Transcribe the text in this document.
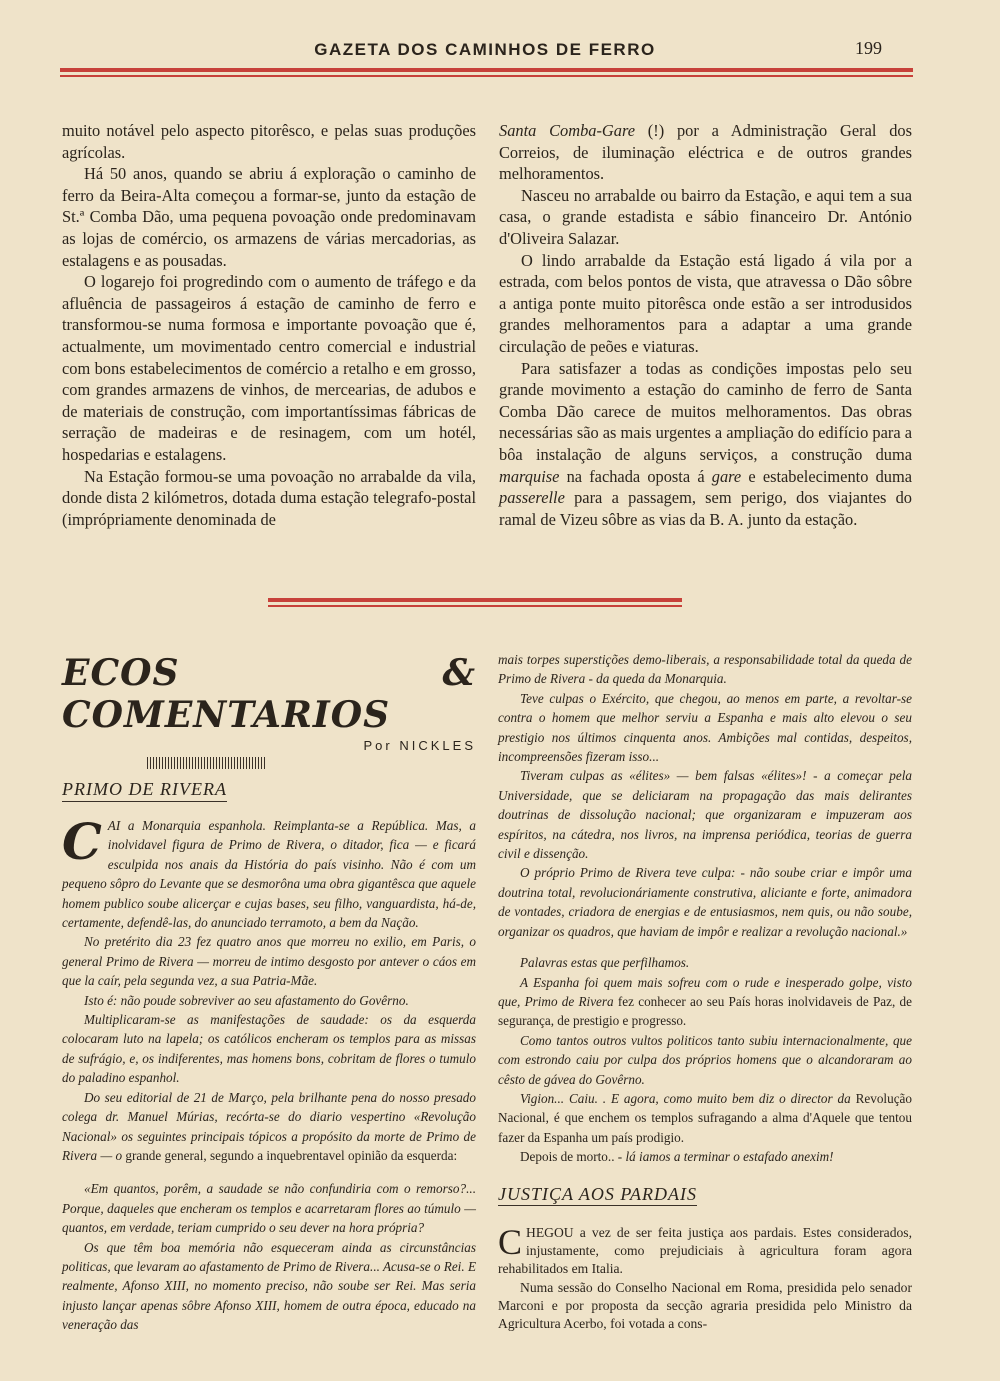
GAZETA DOS CAMINHOS DE FERRO	199

muito notável pelo aspecto pitorêsco, e pelas suas produções agrícolas.

Há 50 anos, quando se abriu á exploração o caminho de ferro da Beira-Alta começou a formar-se, junto da estação de St.ª Comba Dão, uma pequena povoação onde predominavam as lojas de comércio, os armazens de várias mercadorias, as estalagens e as pousadas.

O logarejo foi progredindo com o aumento de tráfego e da afluência de passageiros á estação de caminho de ferro e transformou-se numa formosa e importante povoação que é, actualmente, um movimentado centro comercial e industrial com bons estabelecimentos de comércio a retalho e em grosso, com grandes armazens de vinhos, de mercearias, de adubos e de materiais de construção, com importantíssimas fábricas de serração de madeiras e de resinagem, com um hotél, hospedarias e estalagens.

Na Estação formou-se uma povoação no arrabalde da vila, donde dista 2 kilómetros, dotada duma estação telegrafo-postal (imprópriamente denominada de

Santa Comba-Gare (!) por a Administração Geral dos Correios, de iluminação eléctrica e de outros grandes melhoramentos.

Nasceu no arrabalde ou bairro da Estação, e aqui tem a sua casa, o grande estadista e sábio financeiro Dr. António d'Oliveira Salazar.

O lindo arrabalde da Estação está ligado á vila por a estrada, com belos pontos de vista, que atravessa o Dão sôbre a antiga ponte muito pitorêsca onde estão a ser introdusidos grandes melhoramentos para a adaptar a uma grande circulação de peões e viaturas.

Para satisfazer a todas as condições impostas pelo seu grande movimento a estação do caminho de ferro de Santa Comba Dão carece de muitos melhoramentos. Das obras necessárias são as mais urgentes a ampliação do edifício para a bôa instalação de alguns serviços, a construção duma marquise na fachada oposta á gare e estabelecimento duma passerelle para a passagem, sem perigo, dos viajantes do ramal de Vizeu sôbre as vias da B. A. junto da estação.

ECOS & COMENTARIOS
Por NICKLES
PRIMO DE RIVERA

CAI a Monarquia espanhola. Reimplanta-se a República. Mas, a inolvidavel figura de Primo de Rivera, o ditador, fica — e ficará esculpida nos anais da História do país visinho. Não é com um pequeno sôpro do Levante que se desmorôna uma obra gigantêsca que aquele homem publico soube alicerçar e cujas bases, seu filho, vanguardista, há-de, certamente, defendê-las, do anunciado terramoto, a bem da Nação.

No pretérito dia 23 fez quatro anos que morreu no exilio, em Paris, o general Primo de Rivera — morreu de intimo desgosto por antever o cáos em que la caír, pela segunda vez, a sua Patria-Mãe.

Isto é: não poude sobreviver ao seu afastamento do Govêrno.

Multiplicaram-se as manifestações de saudade: os da esquerda colocaram luto na lapela; os católicos encheram os templos para as missas de sufrágio, e, os indiferentes, mas homens bons, cobritam de flores o tumulo do paladino espanhol.

Do seu editorial de 21 de Março, pela brilhante pena do nosso presado colega dr. Manuel Múrias, recórta-se do diario vespertino «Revolução Nacional» os seguintes principais tópicos a propósito da morte de Primo de Rivera — o grande general, segundo a inquebrentavel opinião da esquerda:

«Em quantos, porêm, a saudade se não confundiria com o remorso?... Porque, daqueles que encheram os templos e acarretaram flores ao túmulo — quantos, em verdade, teriam cumprido o seu dever na hora própria?

Os que têm boa memória não esqueceram ainda as circunstâncias politicas, que levaram ao afastamento de Primo de Rivera... Acusa-se o Rei. E realmente, Afonso XIII, no momento preciso, não soube ser Rei. Mas seria injusto lançar apenas sôbre Afonso XIII, homem de outra época, educado na veneração das

mais torpes superstições demo-liberais, a responsabilidade total da queda de Primo de Rivera - da queda da Monarquia.

Teve culpas o Exército, que chegou, ao menos em parte, a revoltar-se contra o homem que melhor serviu a Espanha e mais alto elevou o seu prestigio nos últimos cinquenta anos. Ambições mal contidas, despeitos, incompreensões fizeram isso...

Tiveram culpas as «élites» — bem falsas «élites»! - a começar pela Universidade, que se deliciaram na propagação das mais delirantes doutrinas de dissolução nacional; que organizaram e impuzeram aos espíritos, na cátedra, nos livros, na imprensa periódica, teorias de guerra civil e dissenção.

O próprio Primo de Rivera teve culpa: - não soube criar e impôr uma doutrina total, revolucionáriamente construtiva, aliciante e forte, animadora de vontades, criadora de energias e de entusiasmos, nem quis, ou não soube, organizar os quadros, que haviam de impôr e realizar a revolução nacional.»

Palavras estas que perfilhamos.

A Espanha foi quem mais sofreu com o rude e inesperado golpe, visto que, Primo de Rivera fez conhecer ao seu País horas inolvidaveis de Paz, de segurança, de prestigio e progresso.

Como tantos outros vultos politicos tanto subiu internacionalmente, que com estrondo caiu por culpa dos próprios homens que o alcandoraram ao cêsto de gávea do Govêrno.

Vigion... Caiu. . E agora, como muito bem diz o director da Revolução Nacional, é que enchem os templos sufragando a alma d'Aquele que tentou fazer da Espanha um país prodigio.

Depois de morto.. - lá iamos a terminar o estafado anexim!

JUSTIÇA AOS PARDAIS

CHEGOU a vez de ser feita justiça aos pardais. Estes considerados, injustamente, como prejudiciais à agricultura foram agora rehabilitados em Italia.

Numa sessão do Conselho Nacional em Roma, presidida pelo senador Marconi e por proposta da secção agraria presidida pelo Ministro da Agricultura Acerbo, foi votada a cons-
